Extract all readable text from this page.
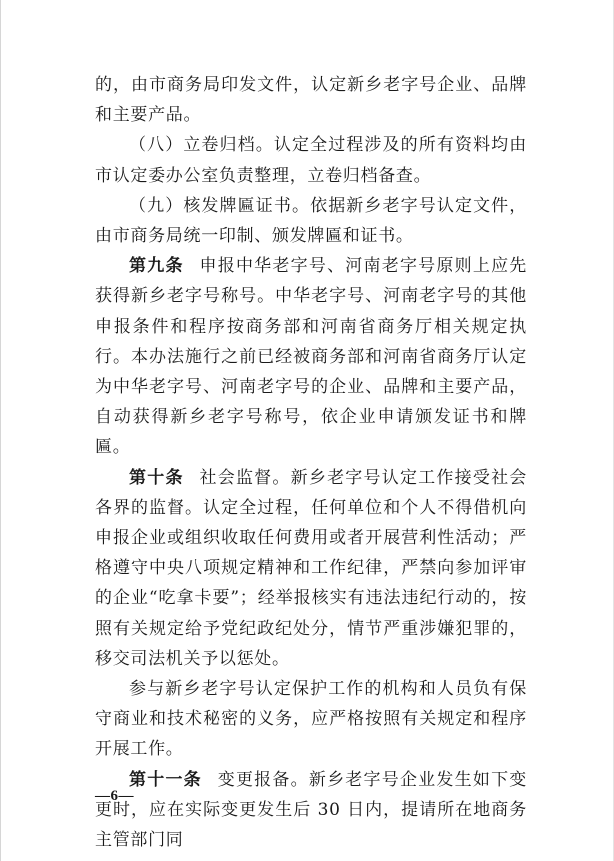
的，由市商务局印发文件，认定新乡老字号企业、品牌和主要产品。

（八）立卷归档。认定全过程涉及的所有资料均由市认定委办公室负责整理，立卷归档备查。

（九）核发牌匾证书。依据新乡老字号认定文件，由市商务局统一印制、颁发牌匾和证书。

第九条  申报中华老字号、河南老字号原则上应先获得新乡老字号称号。中华老字号、河南老字号的其他申报条件和程序按商务部和河南省商务厅相关规定执行。本办法施行之前已经被商务部和河南省商务厅认定为中华老字号、河南老字号的企业、品牌和主要产品，自动获得新乡老字号称号，依企业申请颁发证书和牌匾。

第十条  社会监督。新乡老字号认定工作接受社会各界的监督。认定全过程，任何单位和个人不得借机向申报企业或组织收取任何费用或者开展营利性活动；严格遵守中央八项规定精神和工作纪律，严禁向参加评审的企业“吃拿卡要”；经举报核实有违法违纪行动的，按照有关规定给予党纪政纪处分，情节严重涉嫌犯罪的，移交司法机关予以惩处。

参与新乡老字号认定保护工作的机构和人员负有保守商业和技术秘密的义务，应严格按照有关规定和程序开展工作。

第十一条  变更报备。新乡老字号企业发生如下变更时，应在实际变更发生后 30 日内，提请所在地商务主管部门同

—6—
